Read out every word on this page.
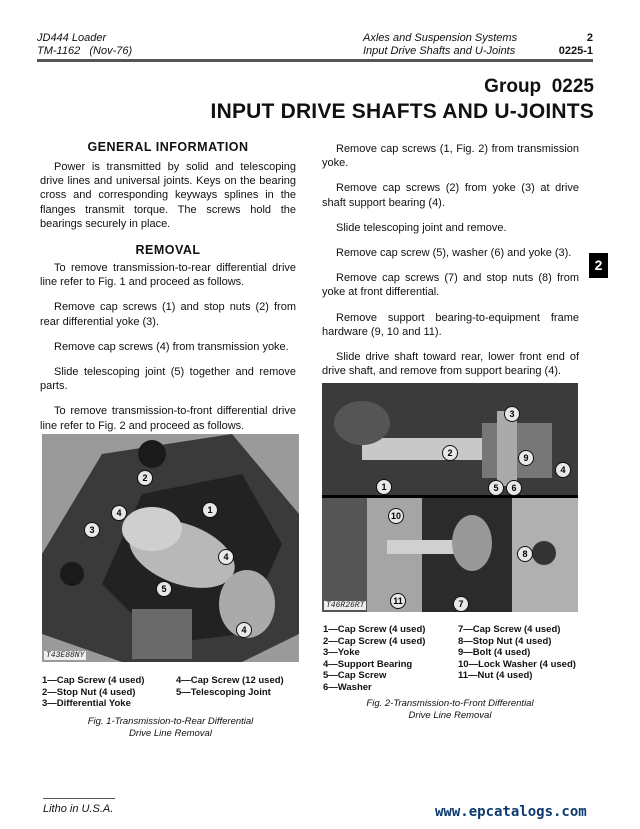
JD444 Loader
TM-1162   (Nov-76)
Axles and Suspension Systems
Input Drive Shafts and U-Joints
2
0225-1
Group  0225
INPUT DRIVE SHAFTS AND U-JOINTS
2
GENERAL INFORMATION

Power is transmitted by solid and telescoping drive lines and universal joints. Keys on the bearing cross and corresponding keyways splines in the flanges transmit torque. The screws hold the bearings securely in place.

REMOVAL

To remove transmission-to-rear differential drive line refer to Fig. 1 and proceed as follows.

Remove cap screws (1) and stop nuts (2) from rear differential yoke (3).

Remove cap screws (4) from transmission yoke.

Slide telescoping joint (5) together and remove parts.

To remove transmission-to-front differential drive line refer to Fig. 2 and proceed as follows.

Remove cap screws (1, Fig. 2) from transmission yoke.

Remove cap screws (2) from yoke (3) at drive shaft support bearing (4).

Slide telescoping joint and remove.

Remove cap screw (5), washer (6) and yoke (3).

Remove cap screws (7) and stop nuts (8) from yoke at front differential.

Remove support bearing-to-equipment frame hardware (9, 10 and 11).

Slide drive shaft toward rear, lower front end of drive shaft, and remove from support bearing (4).

2
4
3
1
4
5
4
T43E88NY
1—Cap Screw (4 used)
2—Stop Nut (4 used)
3—Differential Yoke
4—Cap Screw (12 used)
5—Telescoping Joint
Fig. 1-Transmission-to-Rear Differential
Drive Line Removal
3
2	9
4
1	5	6
10
8
11	7
T46R26RT
1—Cap Screw (4 used)
2—Cap Screw (4 used)
3—Yoke
4—Support Bearing
5—Cap Screw
6—Washer
7—Cap Screw (4 used)
8—Stop Nut (4 used)
9—Bolt (4 used)
10—Lock Washer (4 used)
11—Nut (4 used)
Fig. 2-Transmission-to-Front Differential
Drive Line Removal
Litho in U.S.A.	www.epcatalogs.com
